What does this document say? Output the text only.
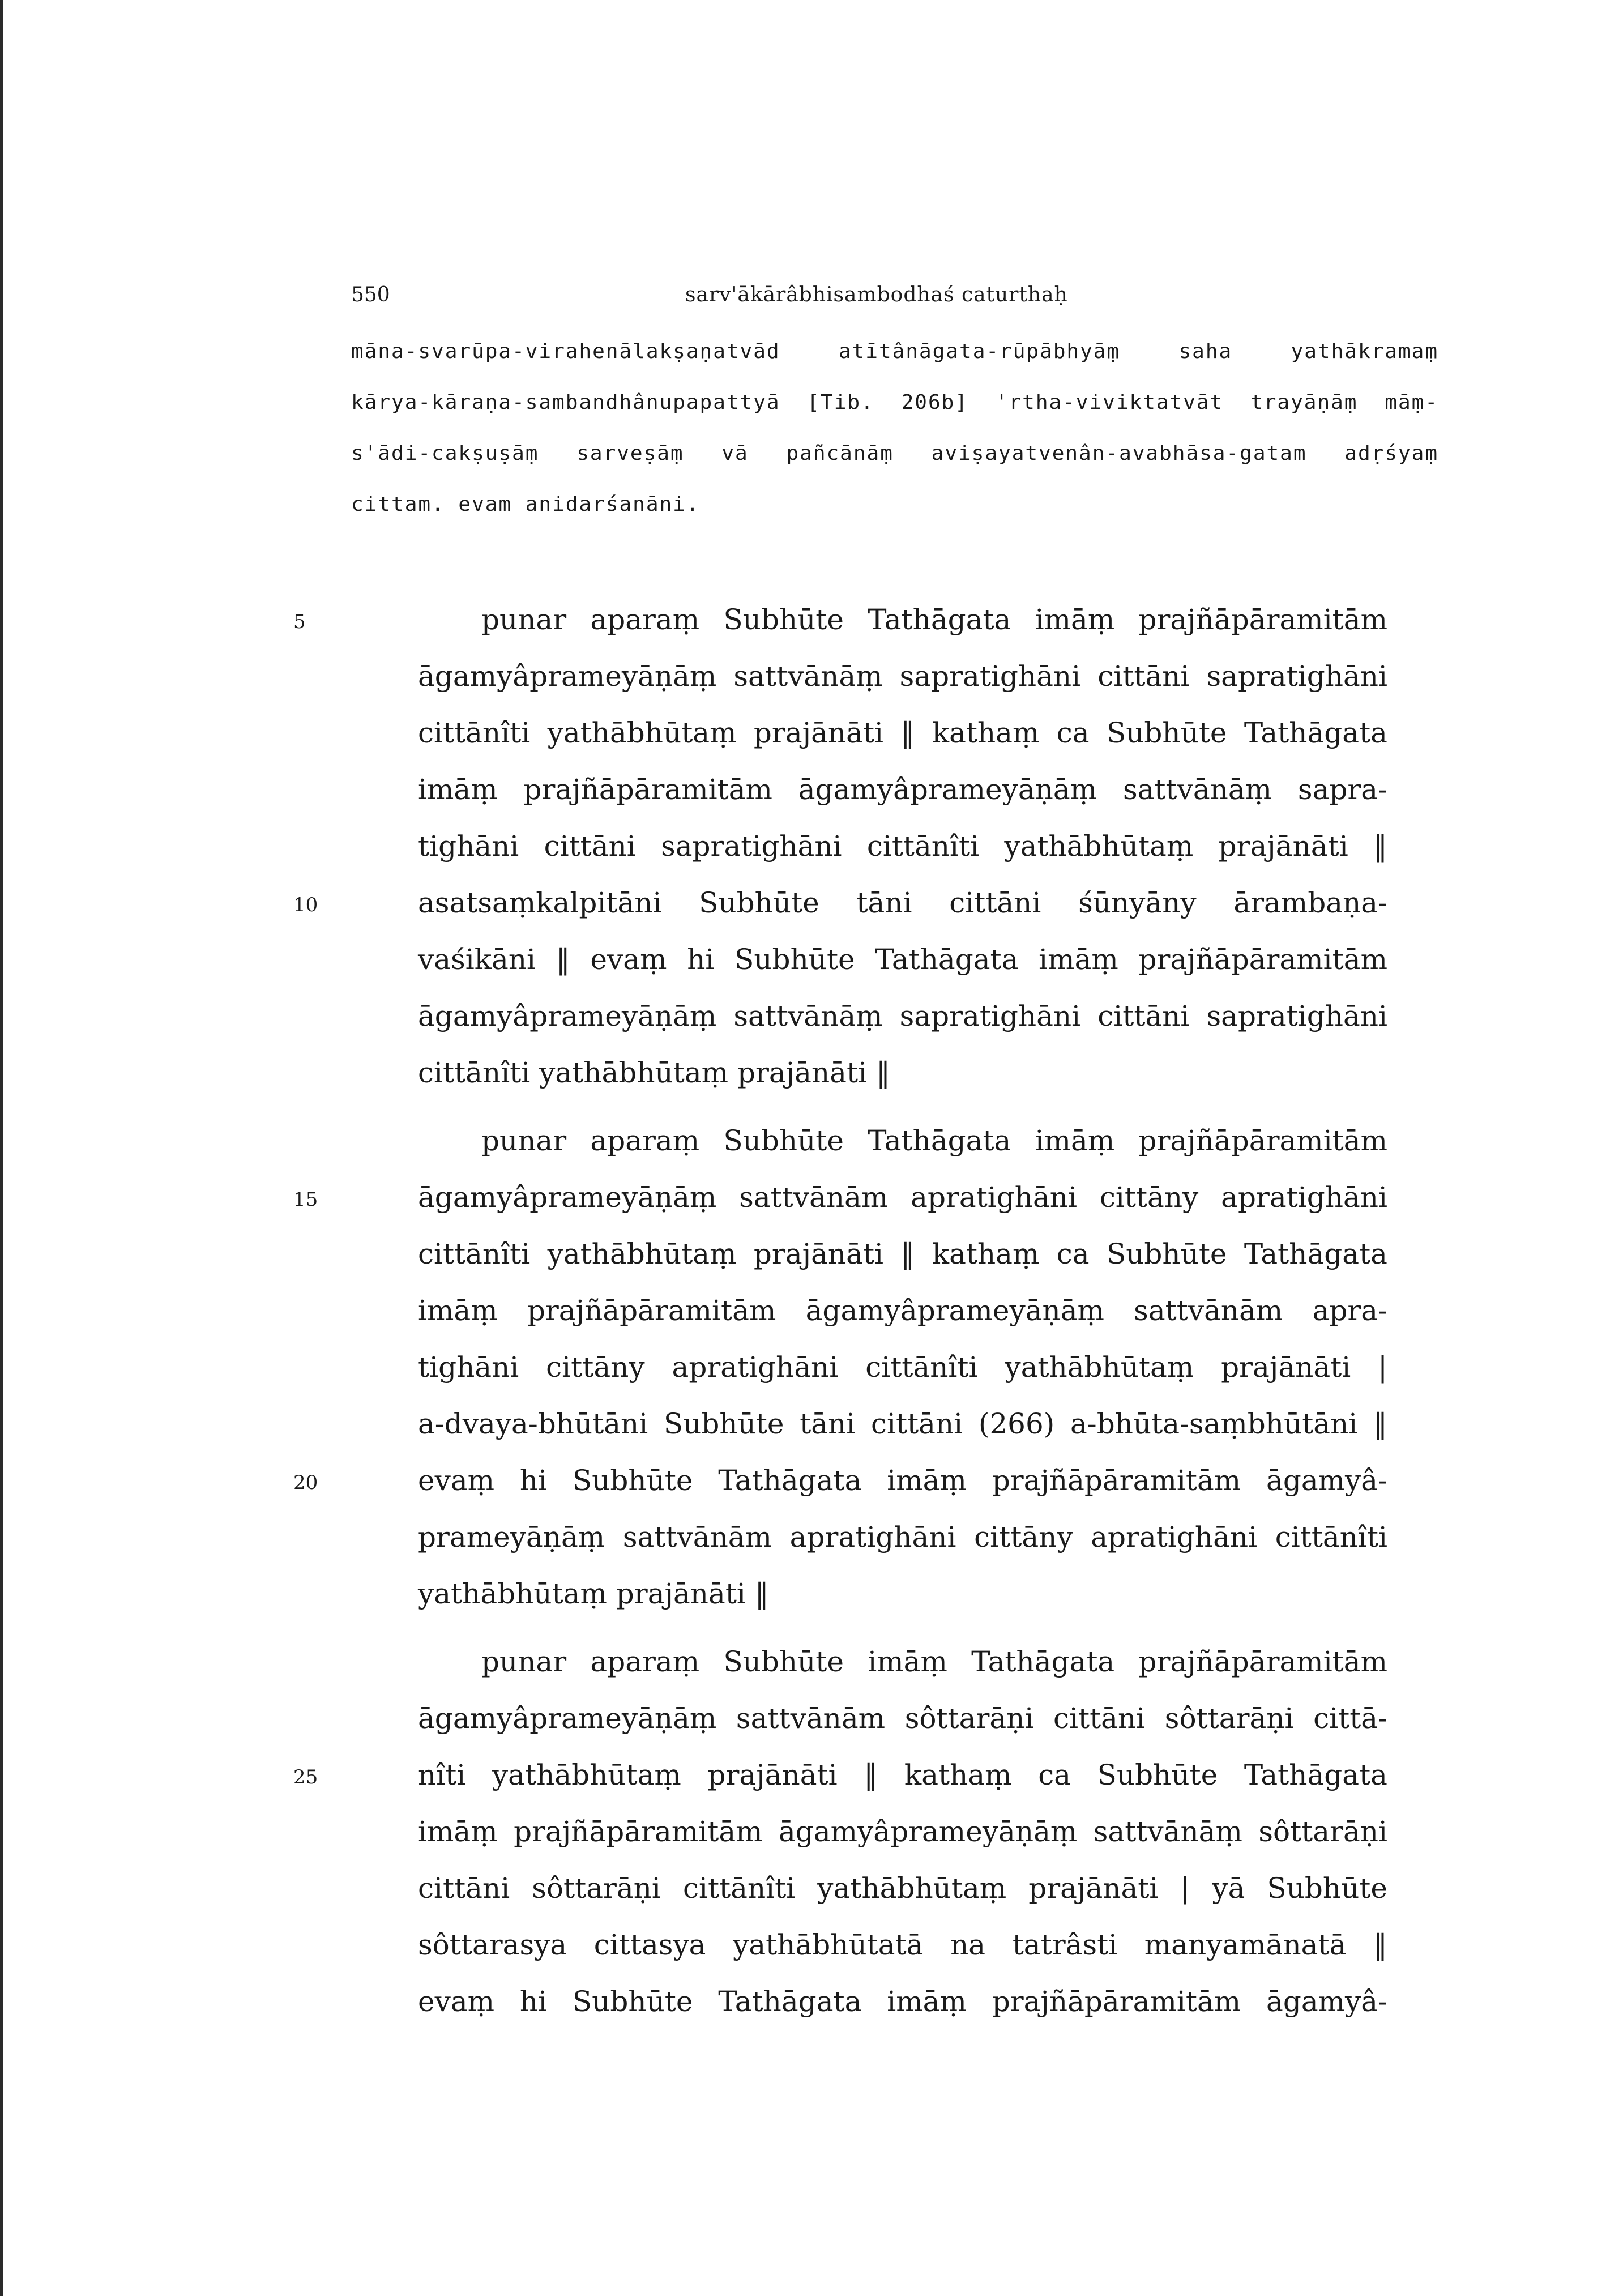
550	sarv'ākārâbhisambodhaś caturthaḥ
māna-svarūpa-virahenālakṣaṇatvād atītânāgata-rūpābhyāṃ saha yathākramaṃ
kārya-kāraṇa-sambandhânupapattyā [Tib. 206b] 'rtha-viviktatvāt trayāṇāṃ māṃ-
s'ādi-cakṣuṣāṃ sarveṣāṃ vā pañcānāṃ aviṣayatvenân-avabhāsa-gatam adṛśyaṃ
cittam. evam anidarśanāni.
5
10
15
20
25
punar aparaṃ Subhūte Tathāgata imāṃ prajñāpāramitām
āgamyâprameyāṇāṃ sattvānāṃ sapratighāni cittāni sapratighāni
cittānîti yathābhūtaṃ prajānāti ‖ kathaṃ ca Subhūte Tathāgata
imāṃ prajñāpāramitām āgamyâprameyāṇāṃ sattvānāṃ sapra-
tighāni cittāni sapratighāni cittānîti yathābhūtaṃ prajānāti ‖
asatsaṃkalpitāni Subhūte tāni cittāni śūnyāny ārambaṇa-
vaśikāni ‖ evaṃ hi Subhūte Tathāgata imāṃ prajñāpāramitām
āgamyâprameyāṇāṃ sattvānāṃ sapratighāni cittāni sapratighāni
cittānîti yathābhūtaṃ prajānāti ‖
punar aparaṃ Subhūte Tathāgata imāṃ prajñāpāramitām
āgamyâprameyāṇāṃ sattvānām apratighāni cittāny apratighāni
cittānîti yathābhūtaṃ prajānāti ‖ kathaṃ ca Subhūte Tathāgata
imāṃ prajñāpāramitām āgamyâprameyāṇāṃ sattvānām apra-
tighāni cittāny apratighāni cittānîti yathābhūtaṃ prajānāti |
a-dvaya-bhūtāni Subhūte tāni cittāni (266) a-bhūta-saṃbhūtāni ‖
evaṃ hi Subhūte Tathāgata imāṃ prajñāpāramitām āgamyâ-
prameyāṇāṃ sattvānām apratighāni cittāny apratighāni cittānîti
yathābhūtaṃ prajānāti ‖
punar aparaṃ Subhūte imāṃ Tathāgata prajñāpāramitām
āgamyâprameyāṇāṃ sattvānām sôttarāṇi cittāni sôttarāṇi cittā-
nîti yathābhūtaṃ prajānāti ‖ kathaṃ ca Subhūte Tathāgata
imāṃ prajñāpāramitām āgamyâprameyāṇāṃ sattvānāṃ sôttarāṇi
cittāni sôttarāṇi cittānîti yathābhūtaṃ prajānāti | yā Subhūte
sôttarasya cittasya yathābhūtatā na tatrâsti manyamānatā ‖
evaṃ hi Subhūte Tathāgata imāṃ prajñāpāramitām āgamyâ-
